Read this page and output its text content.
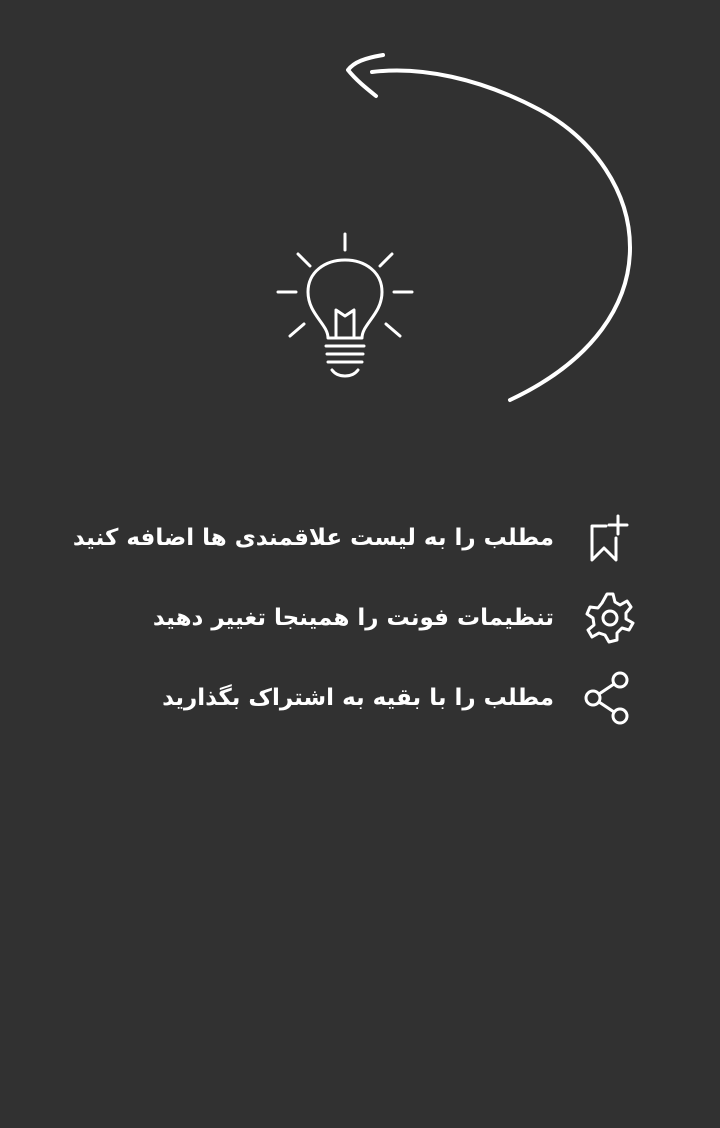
مطلب را به لیست علاقمندی ها اضافه کنید
تنظیمات فونت را همینجا تغییر دهید
مطلب را با بقیه به اشتراک بگذارید
